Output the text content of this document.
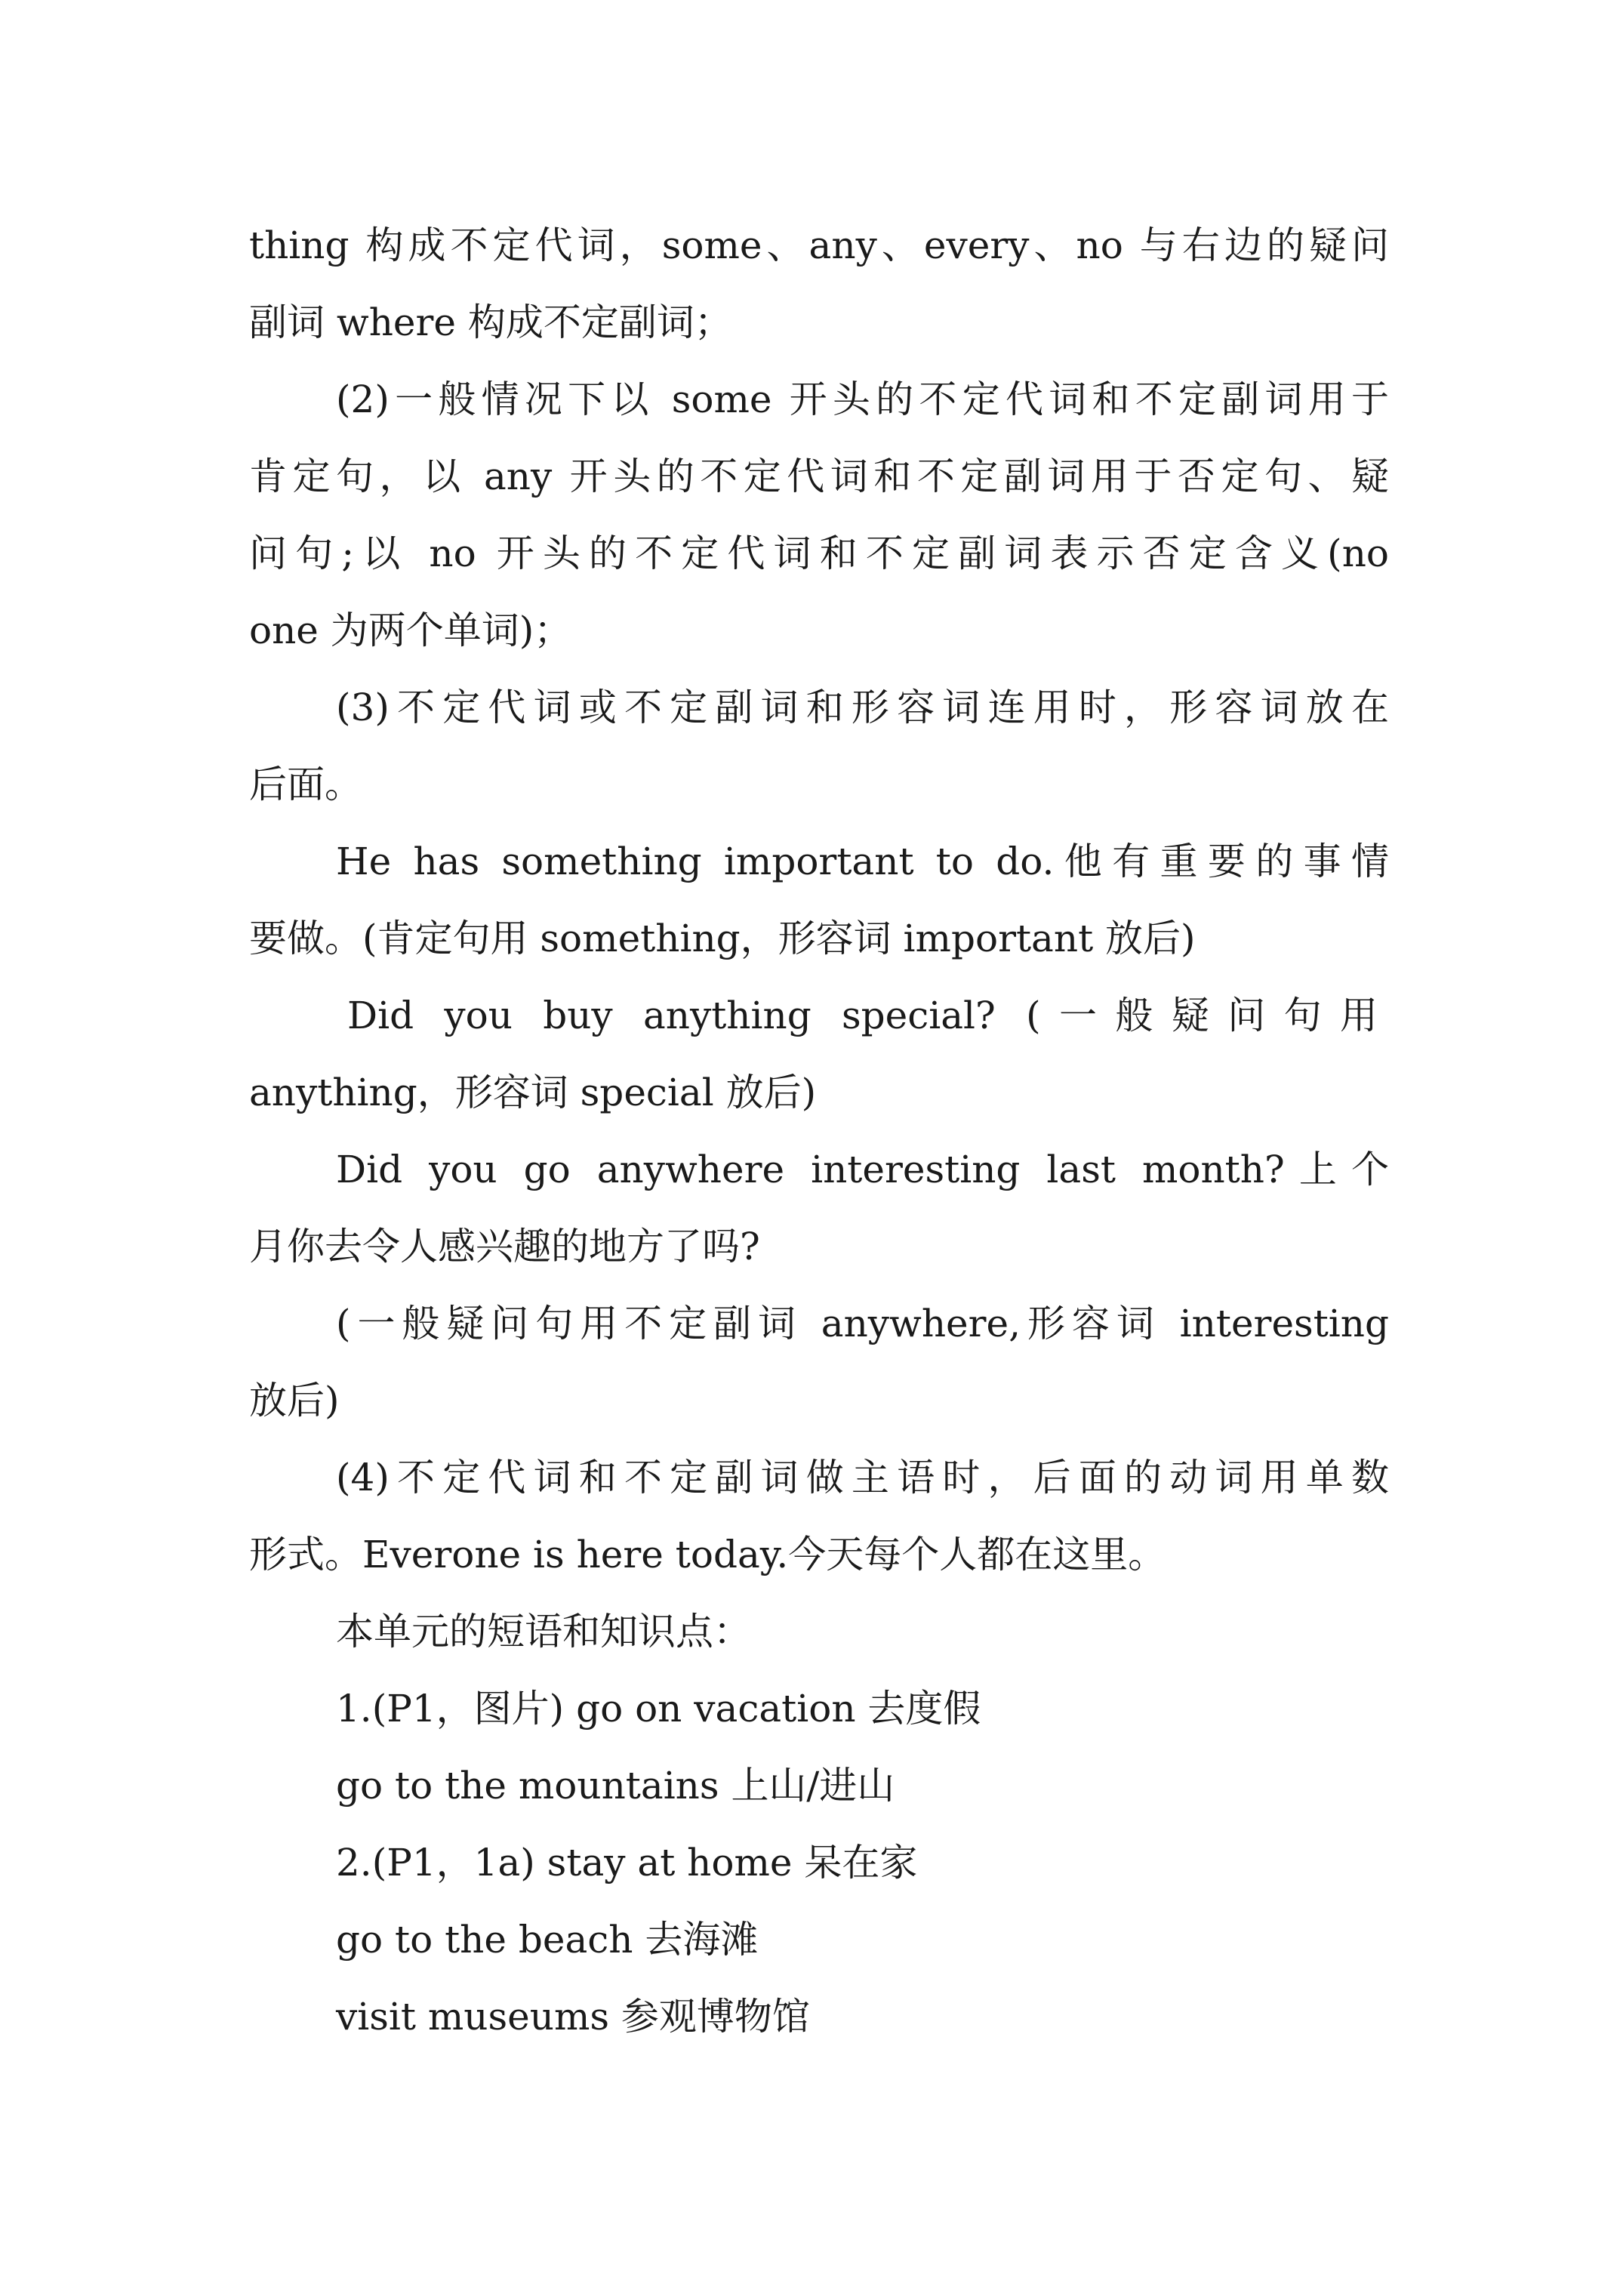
thing 构成不定代词，some、any、every、no 与右边的疑问
副词 where 构成不定副词；
(2)一般情况下以 some 开头的不定代词和不定副词用于
肯定句，以 any 开头的不定代词和不定副词用于否定句、疑
问句;以 no 开头的不定代词和不定副词表示否定含义(no
one 为两个单词)；
(3)不定代词或不定副词和形容词连用时，形容词放在
后面。
He has something important to do.他有重要的事情
要做。(肯定句用 something，形容词 important 放后)
Did you buy anything special? (一般疑问句用
anything，形容词 special 放后)
Did you go anywhere interesting last month?上个
月你去令人感兴趣的地方了吗?
(一般疑问句用不定副词 anywhere,形容词 interesting
放后)
(4)不定代词和不定副词做主语时，后面的动词用单数
形式。Everone is here today.今天每个人都在这里。
本单元的短语和知识点：
1.(P1，图片) go on vacation 去度假
go to the mountains 上山/进山
2.(P1，1a) stay at home 呆在家
go to the beach 去海滩
visit museums 参观博物馆
